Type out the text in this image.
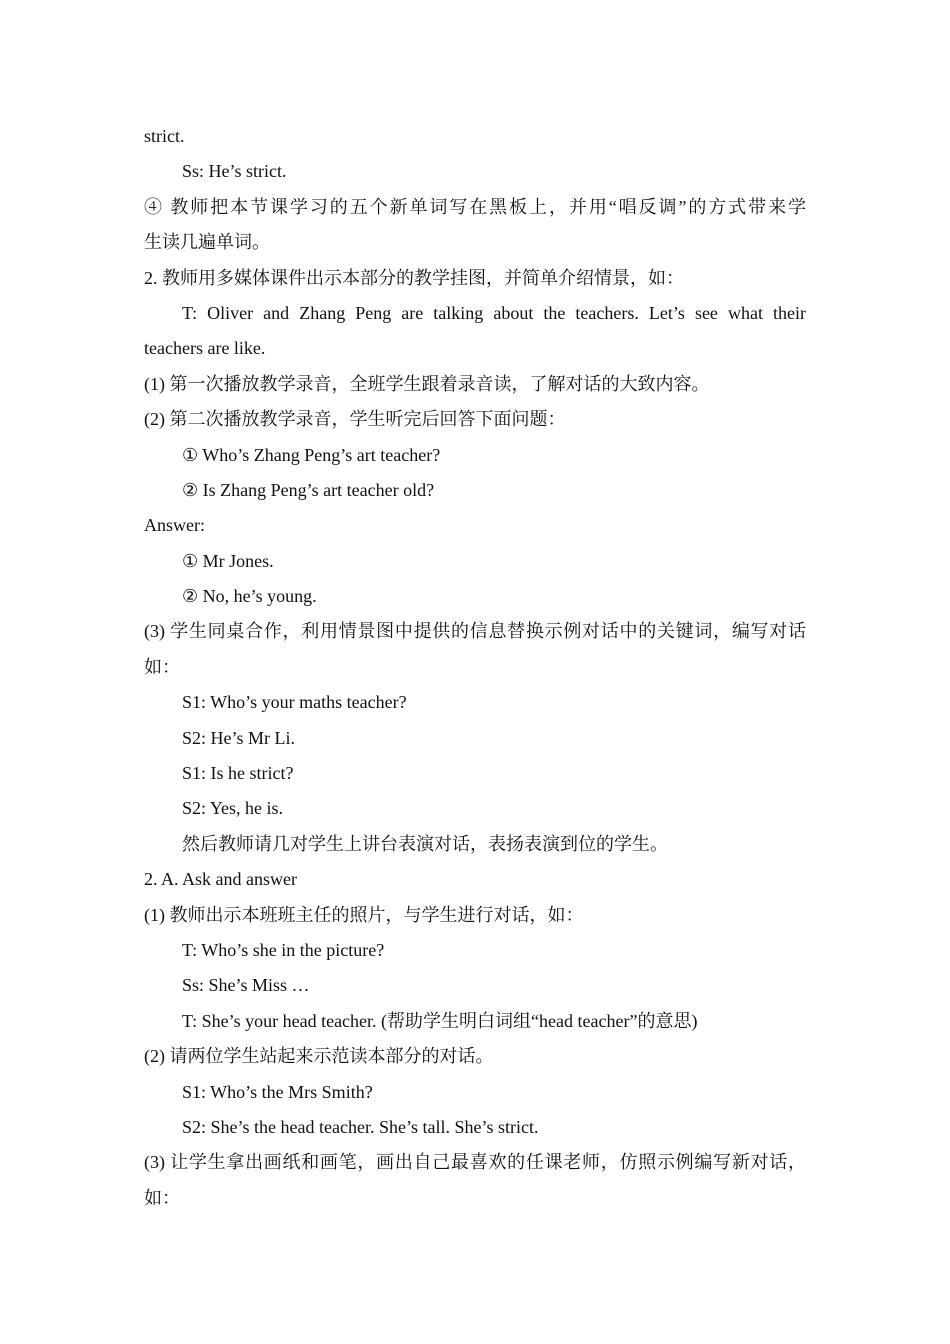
strict.
Ss: He’s strict.
④ 教师把本节课学习的五个新单词写在黑板上，并用“唱反调”的方式带来学
生读几遍单词。
2. 教师用多媒体课件出示本部分的教学挂图，并简单介绍情景，如：
T: Oliver and Zhang Peng are talking about the teachers. Let’s see what their
teachers are like.
(1) 第一次播放教学录音，全班学生跟着录音读，了解对话的大致内容。
(2) 第二次播放教学录音，学生听完后回答下面问题：
① Who’s Zhang Peng’s art teacher?
② Is Zhang Peng’s art teacher old?
Answer:
① Mr Jones.
② No, he’s young.
(3) 学生同桌合作，利用情景图中提供的信息替换示例对话中的关键词，编写对话
如：
S1: Who’s your maths teacher?
S2: He’s Mr Li.
S1: Is he strict?
S2: Yes, he is.
然后教师请几对学生上讲台表演对话，表扬表演到位的学生。
2. A. Ask and answer
(1) 教师出示本班班主任的照片，与学生进行对话，如：
T: Who’s she in the picture?
Ss: She’s Miss …
T: She’s your head teacher. (帮助学生明白词组“head teacher”的意思)
(2) 请两位学生站起来示范读本部分的对话。
S1: Who’s the Mrs Smith?
S2: She’s the head teacher. She’s tall. She’s strict.
(3) 让学生拿出画纸和画笔，画出自己最喜欢的任课老师，仿照示例编写新对话，
如：
